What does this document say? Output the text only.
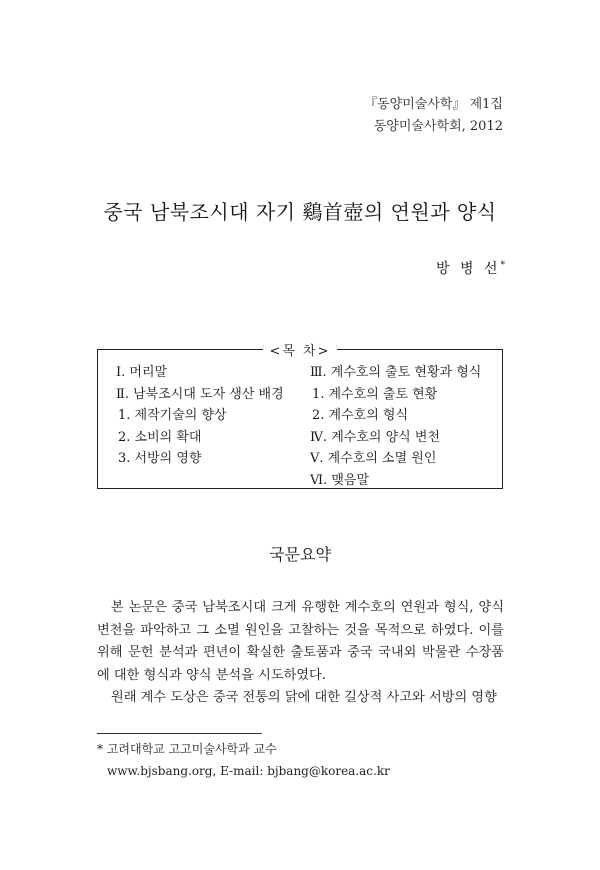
『동양미술사학』 제1집
동양미술사학회, 2012
중국 남북조시대 자기 鷄首壺의 연원과 양식
방 병 선*
<목 차>
Ⅰ. 머리말
Ⅱ. 남북조시대 도자 생산 배경
1. 제작기술의 향상
2. 소비의 확대
3. 서방의 영향
Ⅲ. 계수호의 출토 현황과 형식
1. 계수호의 출토 현황
2. 계수호의 형식
Ⅳ. 계수호의 양식 변천
Ⅴ. 계수호의 소멸 원인
Ⅵ. 맺음말
국문요약

본 논문은 중국 남북조시대 크게 유행한 계수호의 연원과 형식, 양식 변천을 파악하고 그 소멸 원인을 고찰하는 것을 목적으로 하였다. 이를 위해 문헌 분석과 편년이 확실한 출토품과 중국 국내외 박물관 수장품에 대한 형식과 양식 분석을 시도하였다.

원래 계수 도상은 중국 전통의 닭에 대한 길상적 사고와 서방의 영향

* 고려대학교 고고미술사학과 교수
www.bjsbang.org, E-mail: bjbang@korea.ac.kr
